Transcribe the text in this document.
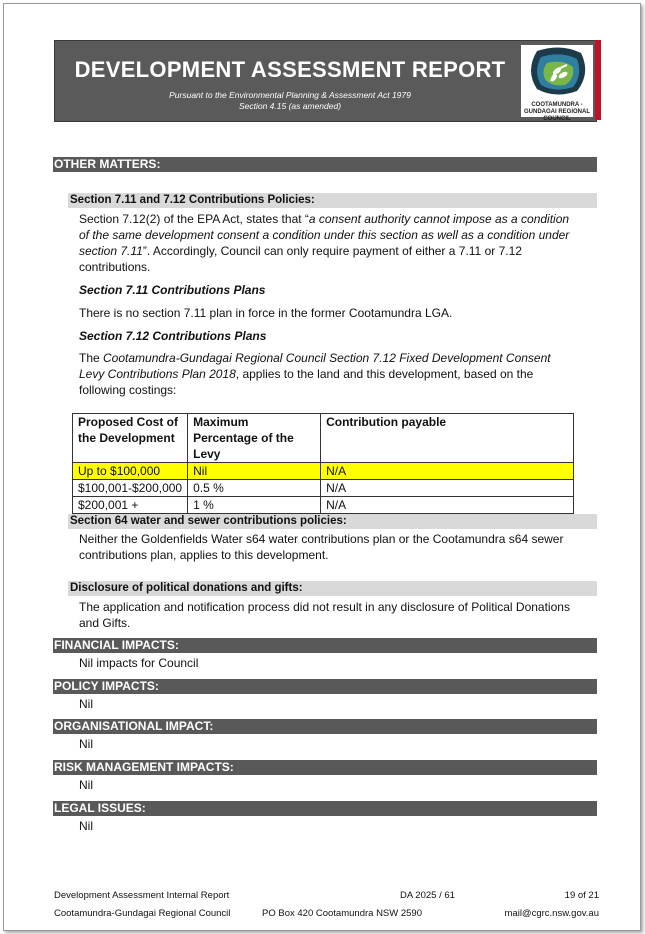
DEVELOPMENT ASSESSMENT REPORT
Pursuant to the Environmental Planning & Assessment Act 1979
Section 4.15 (as amended)	COOTAMUNDRA - GUNDAGAI REGIONAL COUNCIL
OTHER MATTERS:
Section 7.11 and 7.12 Contributions Policies:
Section 7.12(2) of the EPA Act, states that “a consent authority cannot impose as a condition of the same development consent a condition under this section as well as a condition under section 7.11”. Accordingly, Council can only require payment of either a 7.11 or 7.12 contributions.
Section 7.11 Contributions Plans
There is no section 7.11 plan in force in the former Cootamundra LGA.
Section 7.12 Contributions Plans
The Cootamundra-Gundagai Regional Council Section 7.12 Fixed Development Consent Levy Contributions Plan 2018, applies to the land and this development, based on the following costings:
Proposed Cost of the Development	Maximum Percentage of the Levy	Contribution payable
Up to $100,000	Nil	N/A
$100,001-$200,000	0.5 %	N/A
$200,001 +	1 %	N/A
Section 64 water and sewer contributions policies:
Neither the Goldenfields Water s64 water contributions plan or the Cootamundra s64 sewer contributions plan, applies to this development.
Disclosure of political donations and gifts:
The application and notification process did not result in any disclosure of Political Donations and Gifts.
FINANCIAL IMPACTS:
Nil impacts for Council
POLICY IMPACTS:
Nil
ORGANISATIONAL IMPACT:
Nil
RISK MANAGEMENT IMPACTS:
Nil
LEGAL ISSUES:
Nil
Development Assessment Internal Report	DA 2025 / 61	19 of 21
Cootamundra-Gundagai Regional Council	PO Box 420 Cootamundra NSW 2590	mail@cgrc.nsw.gov.au
